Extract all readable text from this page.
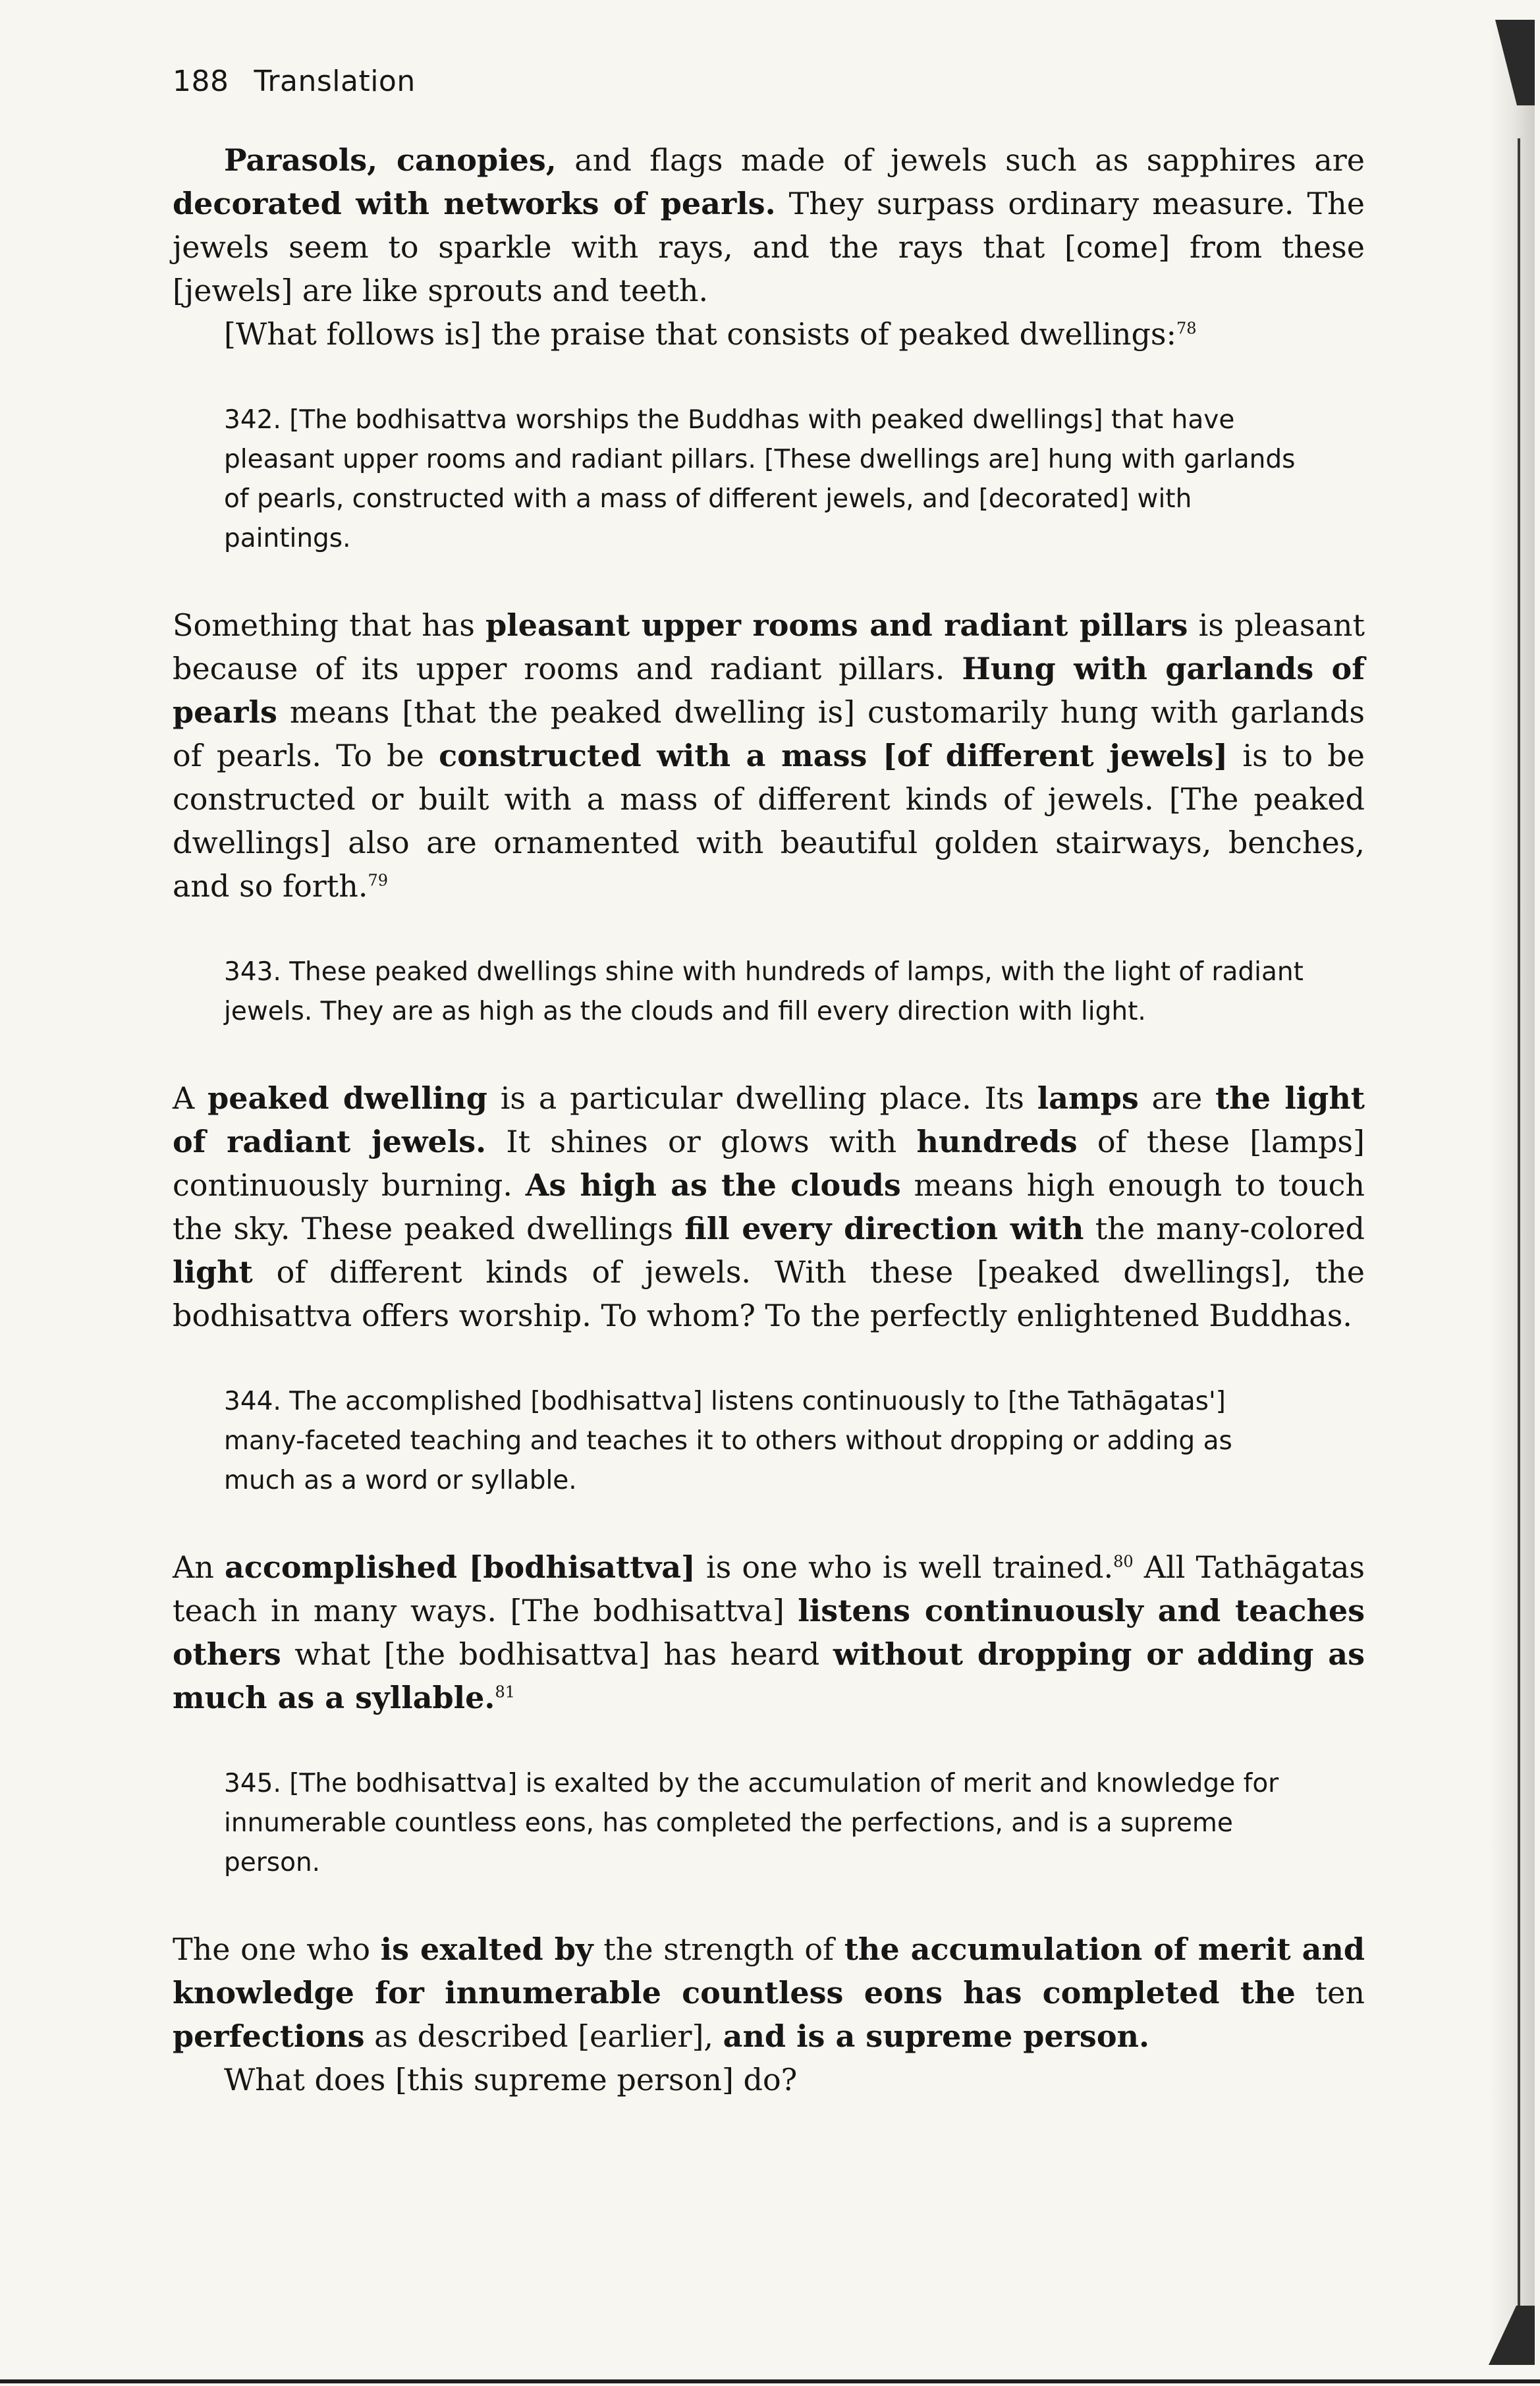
188 Translation

Parasols, canopies, and flags made of jewels such as sapphires are decorated with networks of pearls. They surpass ordinary measure. The jewels seem to sparkle with rays, and the rays that [come] from these [jewels] are like sprouts and teeth.

[What follows is] the praise that consists of peaked dwellings:$^{78}$

342. [The bodhisattva worships the Buddhas with peaked dwellings] that have pleasant upper rooms and radiant pillars. [These dwellings are] hung with garlands of pearls, constructed with a mass of different jewels, and [decorated] with paintings.

Something that has pleasant upper rooms and radiant pillars is pleasant because of its upper rooms and radiant pillars. Hung with garlands of pearls means [that the peaked dwelling is] customarily hung with garlands of pearls. To be constructed with a mass [of different jewels] is to be constructed or built with a mass of different kinds of jewels. [The peaked dwellings] also are ornamented with beautiful golden stairways, benches, and so forth.$^{79}$

343. These peaked dwellings shine with hundreds of lamps, with the light of radiant jewels. They are as high as the clouds and fill every direction with light.

A peaked dwelling is a particular dwelling place. Its lamps are the light of radiant jewels. It shines or glows with hundreds of these [lamps] continuously burning. As high as the clouds means high enough to touch the sky. These peaked dwellings fill every direction with the many-colored light of different kinds of jewels. With these [peaked dwellings], the bodhisattva offers worship. To whom? To the perfectly enlightened Buddhas.

344. The accomplished [bodhisattva] listens continuously to [the Tathāgatas'] many-faceted teaching and teaches it to others without dropping or adding as much as a word or syllable.

An accomplished [bodhisattva] is one who is well trained.$^{80}$ All Tathāgatas teach in many ways. [The bodhisattva] listens continuously and teaches others what [the bodhisattva] has heard without dropping or adding as much as a syllable.$^{81}$

345. [The bodhisattva] is exalted by the accumulation of merit and knowledge for innumerable countless eons, has completed the perfections, and is a supreme person.

The one who is exalted by the strength of the accumulation of merit and knowledge for innumerable countless eons has completed the ten perfections as described [earlier], and is a supreme person.

What does [this supreme person] do?
